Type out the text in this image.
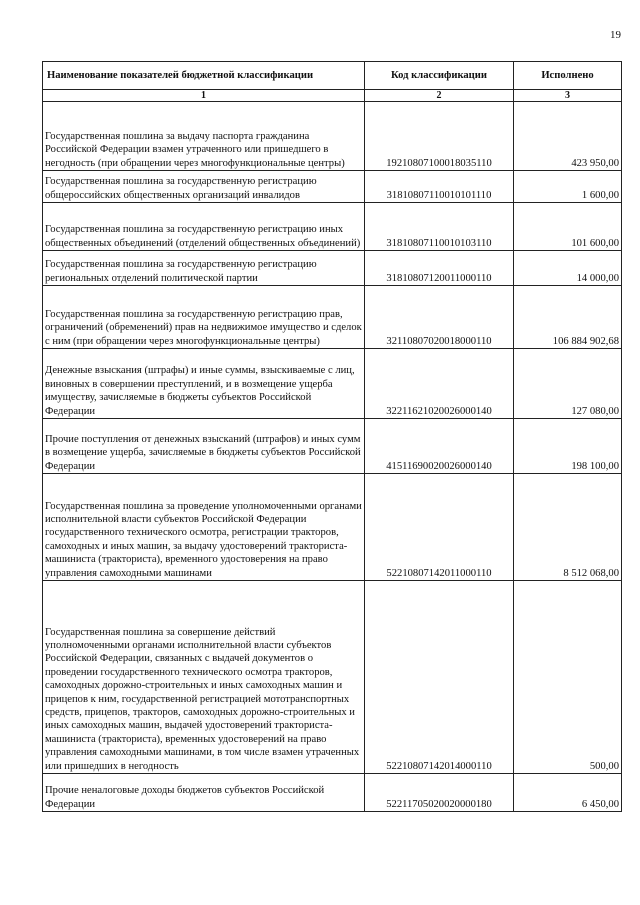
19
Наименование показателей бюджетной классификации	Код классификации	Исполнено
1	2	3
Государственная пошлина за выдачу паспорта гражданина Российской Федерации взамен утраченного или пришедшего в негодность (при обращении через многофункциональные центры)	19210807100018035110	423 950,00
Государственная пошлина за государственную регистрацию общероссийских общественных организаций инвалидов	31810807110010101110	1 600,00
Государственная пошлина за государственную регистрацию иных общественных объединений (отделений общественных объединений)	31810807110010103110	101 600,00
Государственная пошлина за государственную регистрацию региональных отделений политической партии	31810807120011000110	14 000,00
Государственная пошлина за государственную регистрацию прав, ограничений (обременений) прав на недвижимое имущество и сделок с ним (при обращении через многофункциональные центры)	32110807020018000110	106 884 902,68
Денежные взыскания (штрафы) и иные суммы, взыскиваемые с лиц, виновных в совершении преступлений, и в возмещение ущерба имуществу, зачисляемые в бюджеты субъектов Российской Федерации	32211621020026000140	127 080,00
Прочие поступления от денежных взысканий (штрафов) и иных сумм в возмещение ущерба, зачисляемые в бюджеты субъектов Российской Федерации	41511690020026000140	198 100,00
Государственная пошлина за проведение уполномоченными органами исполнительной власти субъектов Российской Федерации государственного технического осмотра, регистрации тракторов, самоходных и иных машин, за выдачу удостоверений тракториста- машиниста (тракториста), временного удостоверения на право управления самоходными машинами	52210807142011000110	8 512 068,00
Государственная пошлина за совершение действий уполномоченными органами исполнительной власти субъектов Российской Федерации, связанных с выдачей документов о проведении государственного технического осмотра тракторов, самоходных дорожно-строительных и иных самоходных машин и прицепов к ним, государственной регистрацией мототранспортных средств, прицепов, тракторов, самоходных дорожно-строительных и иных самоходных машин, выдачей удостоверений тракториста-машиниста (тракториста), временных удостоверений на право управления самоходными машинами, в том числе взамен утраченных или пришедших в негодность	52210807142014000110	500,00
Прочие неналоговые доходы бюджетов субъектов Российской Федерации	52211705020020000180	6 450,00
